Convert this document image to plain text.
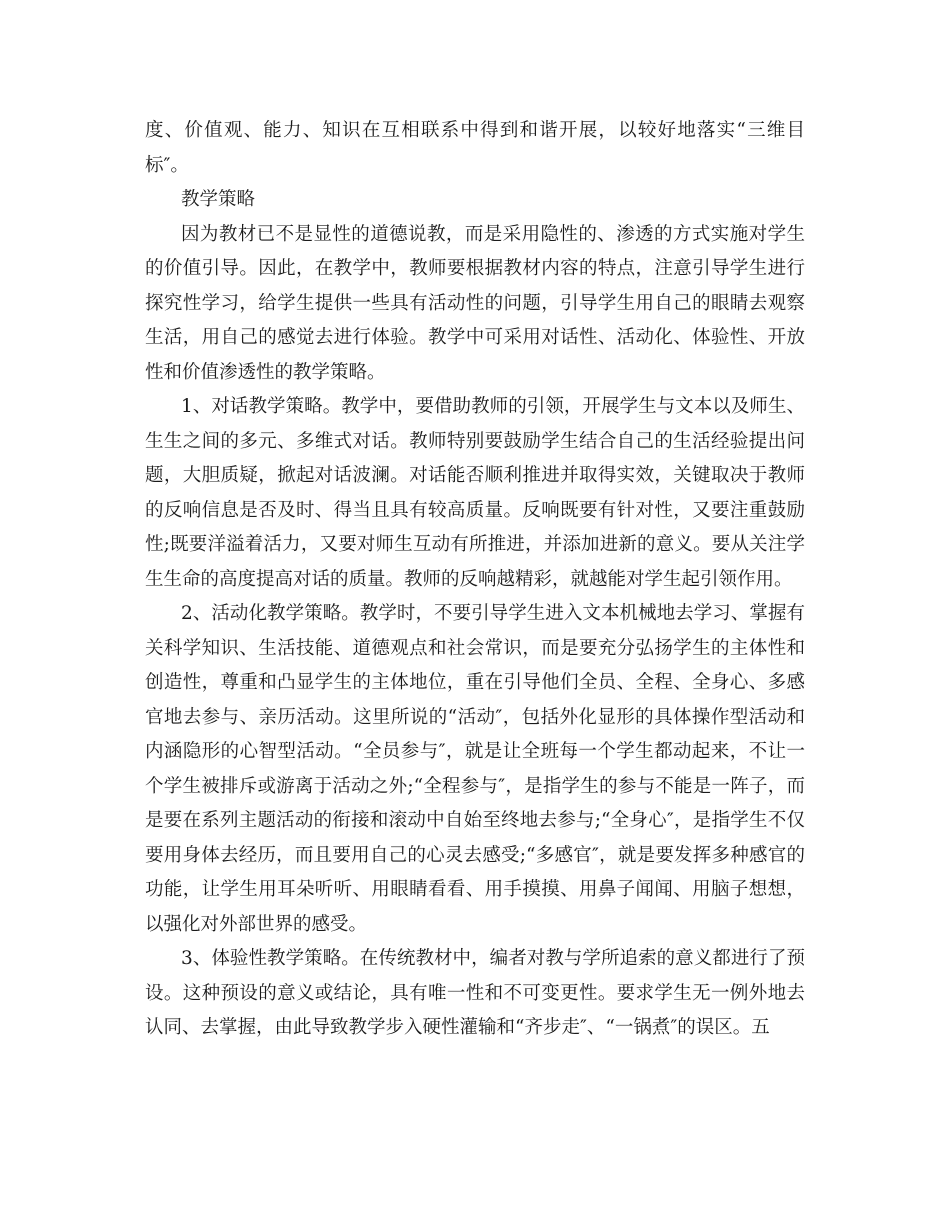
度、价值观、能力、知识在互相联系中得到和谐开展，以较好地落实“三维目标″。

教学策略

因为教材已不是显性的道德说教，而是采用隐性的、渗透的方式实施对学生的价值引导。因此，在教学中，教师要根据教材内容的特点，注意引导学生进行探究性学习，给学生提供一些具有活动性的问题，引导学生用自己的眼睛去观察生活，用自己的感觉去进行体验。教学中可采用对话性、活动化、体验性、开放性和价值渗透性的教学策略。

1、对话教学策略。教学中，要借助教师的引领，开展学生与文本以及师生、生生之间的多元、多维式对话。教师特别要鼓励学生结合自己的生活经验提出问题，大胆质疑，掀起对话波澜。对话能否顺利推进并取得实效，关键取决于教师的反响信息是否及时、得当且具有较高质量。反响既要有针对性，又要注重鼓励性;既要洋溢着活力，又要对师生互动有所推进，并添加进新的意义。要从关注学生生命的高度提高对话的质量。教师的反响越精彩，就越能对学生起引领作用。

2、活动化教学策略。教学时，不要引导学生进入文本机械地去学习、掌握有关科学知识、生活技能、道德观点和社会常识，而是要充分弘扬学生的主体性和创造性，尊重和凸显学生的主体地位，重在引导他们全员、全程、全身心、多感官地去参与、亲历活动。这里所说的“活动″，包括外化显形的具体操作型活动和内涵隐形的心智型活动。“全员参与″，就是让全班每一个学生都动起来，不让一个学生被排斥或游离于活动之外;“全程参与″，是指学生的参与不能是一阵子，而是要在系列主题活动的衔接和滚动中自始至终地去参与;“全身心″，是指学生不仅要用身体去经历，而且要用自己的心灵去感受;“多感官″，就是要发挥多种感官的功能，让学生用耳朵听听、用眼睛看看、用手摸摸、用鼻子闻闻、用脑子想想，以强化对外部世界的感受。

3、体验性教学策略。在传统教材中，编者对教与学所追索的意义都进行了预设。这种预设的意义或结论，具有唯一性和不可变更性。要求学生无一例外地去认同、去掌握，由此导致教学步入硬性灌输和“齐步走″、“一锅煮″的误区。五
